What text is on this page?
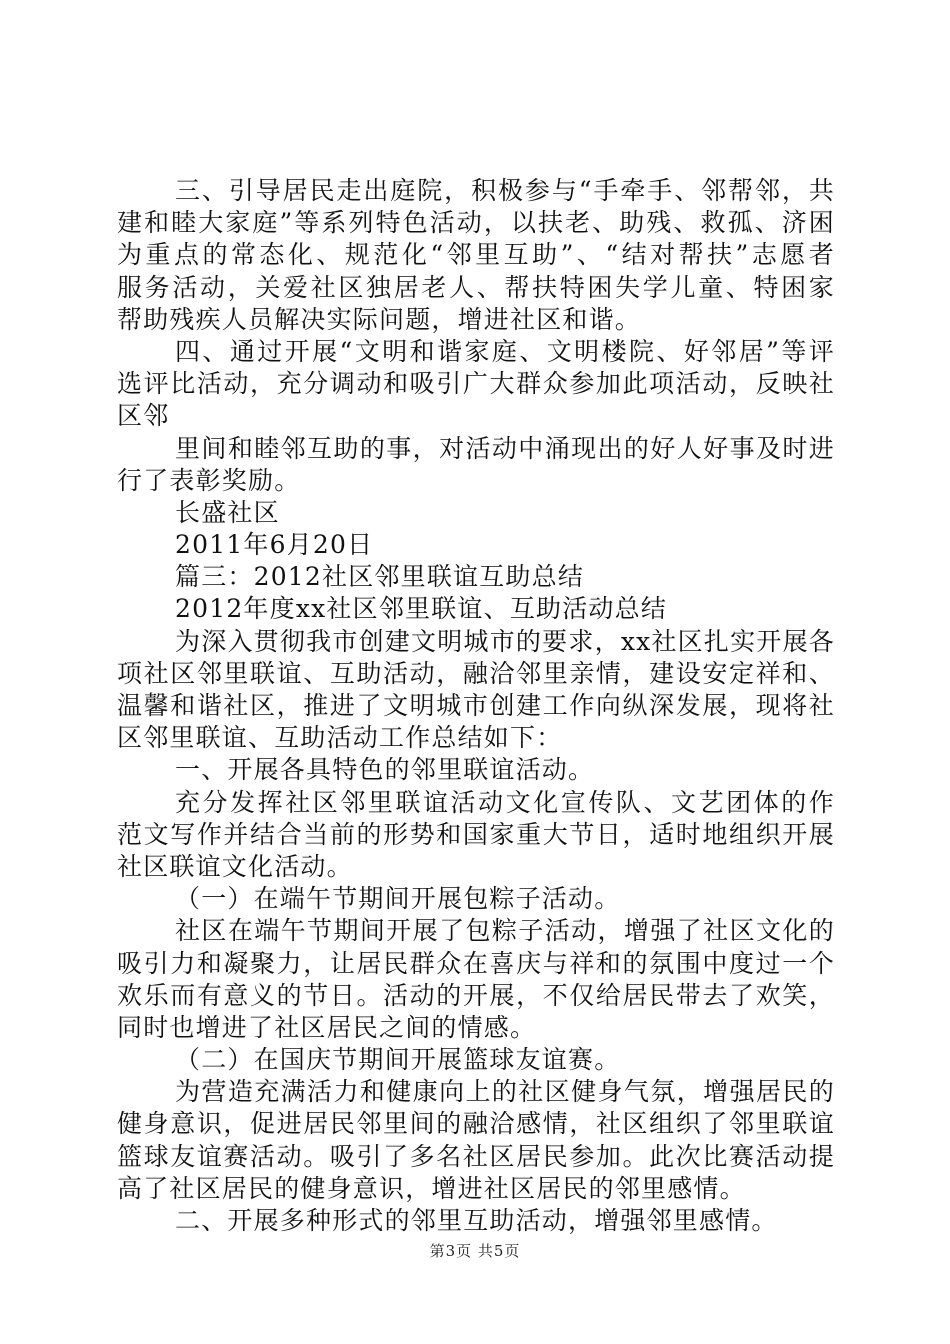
三、引导居民走出庭院，积极参与“手牵手、邻帮邻，共
建和睦大家庭”等系列特色活动，以扶老、助残、救孤、济困
为重点的常态化、规范化“邻里互助”、“结对帮扶”志愿者
服务活动，关爱社区独居老人、帮扶特困失学儿童、特困家
帮助残疾人员解决实际问题，增进社区和谐。
四、通过开展“文明和谐家庭、文明楼院、好邻居”等评
选评比活动，充分调动和吸引广大群众参加此项活动，反映社
区邻
里间和睦邻互助的事，对活动中涌现出的好人好事及时进
行了表彰奖励。
长盛社区
2011年6月20日
篇三：2012社区邻里联谊互助总结
2012年度xx社区邻里联谊、互助活动总结
为深入贯彻我市创建文明城市的要求，xx社区扎实开展各
项社区邻里联谊、互助活动，融洽邻里亲情，建设安定祥和、
温馨和谐社区，推进了文明城市创建工作向纵深发展，现将社
区邻里联谊、互助活动工作总结如下：
一、开展各具特色的邻里联谊活动。
充分发挥社区邻里联谊活动文化宣传队、文艺团体的作
范文写作并结合当前的形势和国家重大节日，适时地组织开展
社区联谊文化活动。
（一）在端午节期间开展包粽子活动。
社区在端午节期间开展了包粽子活动，增强了社区文化的
吸引力和凝聚力，让居民群众在喜庆与祥和的氛围中度过一个
欢乐而有意义的节日。活动的开展，不仅给居民带去了欢笑，
同时也增进了社区居民之间的情感。
（二）在国庆节期间开展篮球友谊赛。
为营造充满活力和健康向上的社区健身气氛，增强居民的
健身意识，促进居民邻里间的融洽感情，社区组织了邻里联谊
篮球友谊赛活动。吸引了多名社区居民参加。此次比赛活动提
高了社区居民的健身意识，增进社区居民的邻里感情。
二、开展多种形式的邻里互助活动，增强邻里感情。
第3页 共5页
